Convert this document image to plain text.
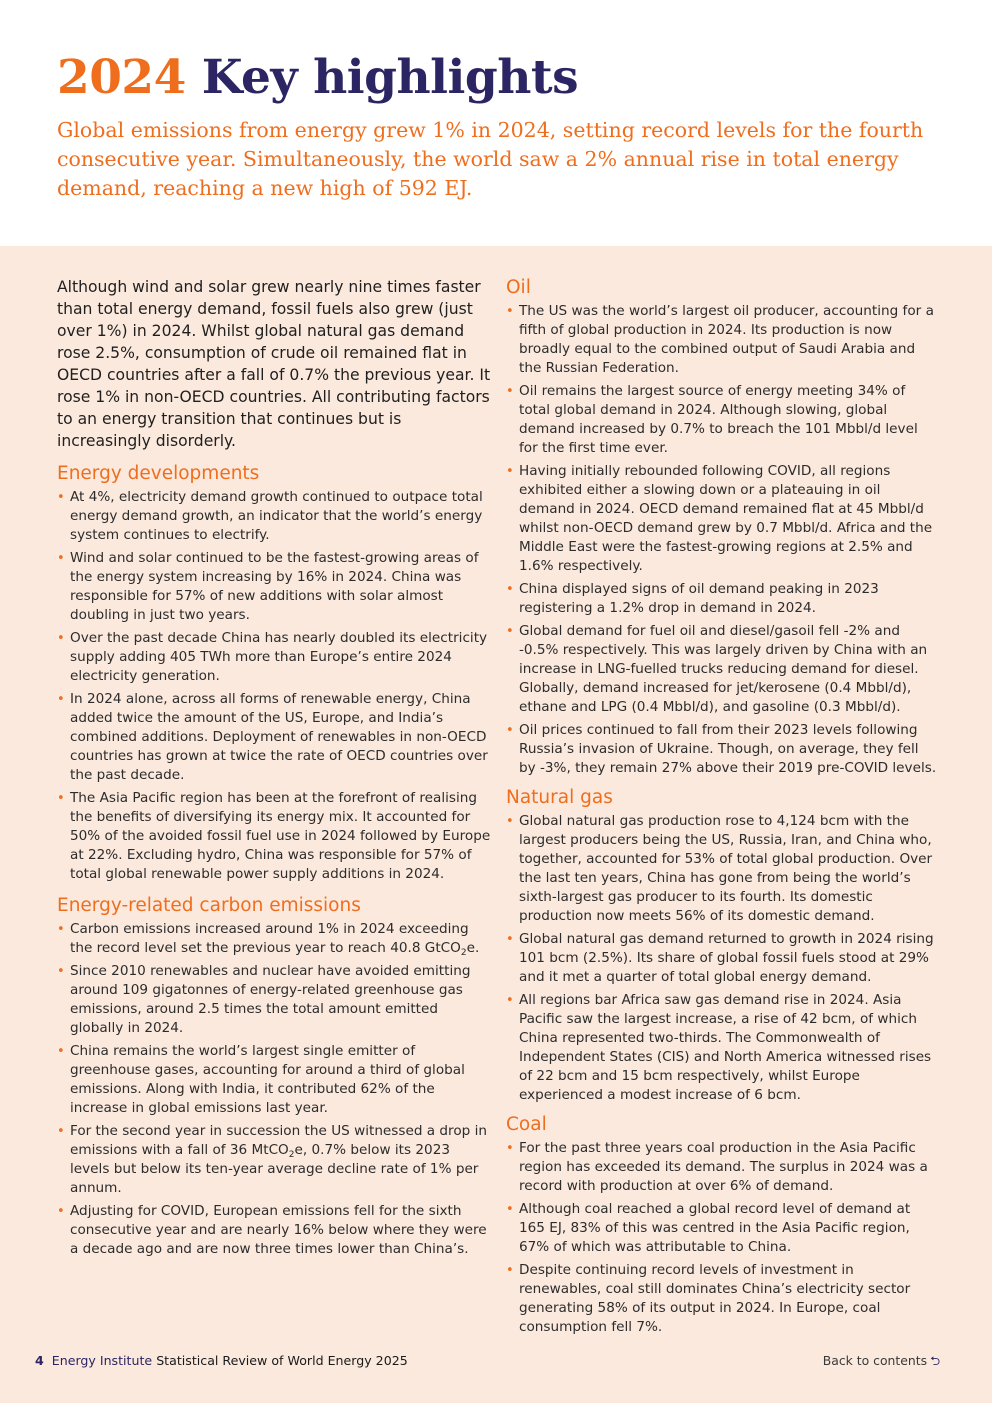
2024 Key highlights

Global emissions from energy grew 1% in 2024, setting record levels for the fourth consecutive year. Simultaneously, the world saw a 2% annual rise in total energy demand, reaching a new high of 592 EJ.

Although wind and solar grew nearly nine times faster than total energy demand, fossil fuels also grew (just over 1%) in 2024. Whilst global natural gas demand rose 2.5%, consumption of crude oil remained flat in OECD countries after a fall of 0.7% the previous year. It rose 1% in non-OECD countries. All contributing factors to an energy transition that continues but is increasingly disorderly.

Energy developments
• At 4%, electricity demand growth continued to outpace total energy demand growth, an indicator that the world’s energy system continues to electrify.
• Wind and solar continued to be the fastest-growing areas of the energy system increasing by 16% in 2024. China was responsible for 57% of new additions with solar almost doubling in just two years.
• Over the past decade China has nearly doubled its electricity supply adding 405 TWh more than Europe’s entire 2024 electricity generation.
• In 2024 alone, across all forms of renewable energy, China added twice the amount of the US, Europe, and India’s combined additions. Deployment of renewables in non-OECD countries has grown at twice the rate of OECD countries over the past decade.
• The Asia Pacific region has been at the forefront of realising the benefits of diversifying its energy mix. It accounted for 50% of the avoided fossil fuel use in 2024 followed by Europe at 22%. Excluding hydro, China was responsible for 57% of total global renewable power supply additions in 2024.
Energy-related carbon emissions
• Carbon emissions increased around 1% in 2024 exceeding the record level set the previous year to reach 40.8 GtCO$_2$e.
• Since 2010 renewables and nuclear have avoided emitting around 109 gigatonnes of energy-related greenhouse gas emissions, around 2.5 times the total amount emitted globally in 2024.
• China remains the world’s largest single emitter of greenhouse gases, accounting for around a third of global emissions. Along with India, it contributed 62% of the increase in global emissions last year.
• For the second year in succession the US witnessed a drop in emissions with a fall of 36 MtCO$_2$e, 0.7% below its 2023 levels but below its ten-year average decline rate of 1% per annum.
• Adjusting for COVID, European emissions fell for the sixth consecutive year and are nearly 16% below where they were a decade ago and are now three times lower than China’s.
Oil
• The US was the world’s largest oil producer, accounting for a fifth of global production in 2024. Its production is now broadly equal to the combined output of Saudi Arabia and the Russian Federation.
• Oil remains the largest source of energy meeting 34% of total global demand in 2024. Although slowing, global demand increased by 0.7% to breach the 101 Mbbl/d level for the first time ever.
• Having initially rebounded following COVID, all regions exhibited either a slowing down or a plateauing in oil demand in 2024. OECD demand remained flat at 45 Mbbl/d whilst non-OECD demand grew by 0.7 Mbbl/d. Africa and the Middle East were the fastest-growing regions at 2.5% and 1.6% respectively.
• China displayed signs of oil demand peaking in 2023 registering a 1.2% drop in demand in 2024.
• Global demand for fuel oil and diesel/gasoil fell -2% and -0.5% respectively. This was largely driven by China with an increase in LNG-fuelled trucks reducing demand for diesel. Globally, demand increased for jet/kerosene (0.4 Mbbl/d), ethane and LPG (0.4 Mbbl/d), and gasoline (0.3 Mbbl/d).
• Oil prices continued to fall from their 2023 levels following Russia’s invasion of Ukraine. Though, on average, they fell by -3%, they remain 27% above their 2019 pre-COVID levels.
Natural gas
• Global natural gas production rose to 4,124 bcm with the largest producers being the US, Russia, Iran, and China who, together, accounted for 53% of total global production. Over the last ten years, China has gone from being the world’s sixth-largest gas producer to its fourth. Its domestic production now meets 56% of its domestic demand.
• Global natural gas demand returned to growth in 2024 rising 101 bcm (2.5%). Its share of global fossil fuels stood at 29% and it met a quarter of total global energy demand.
• All regions bar Africa saw gas demand rise in 2024. Asia Pacific saw the largest increase, a rise of 42 bcm, of which China represented two-thirds. The Commonwealth of Independent States (CIS) and North America witnessed rises of 22 bcm and 15 bcm respectively, whilst Europe experienced a modest increase of 6 bcm.
Coal
• For the past three years coal production in the Asia Pacific region has exceeded its demand. The surplus in 2024 was a record with production at over 6% of demand.
• Although coal reached a global record level of demand at 165 EJ, 83% of this was centred in the Asia Pacific region, 67% of which was attributable to China.
• Despite continuing record levels of investment in renewables, coal still dominates China’s electricity sector generating 58% of its output in 2024. In Europe, coal consumption fell 7%.
4 Energy Institute Statistical Review of World Energy 2025	Back to contents ⮌
